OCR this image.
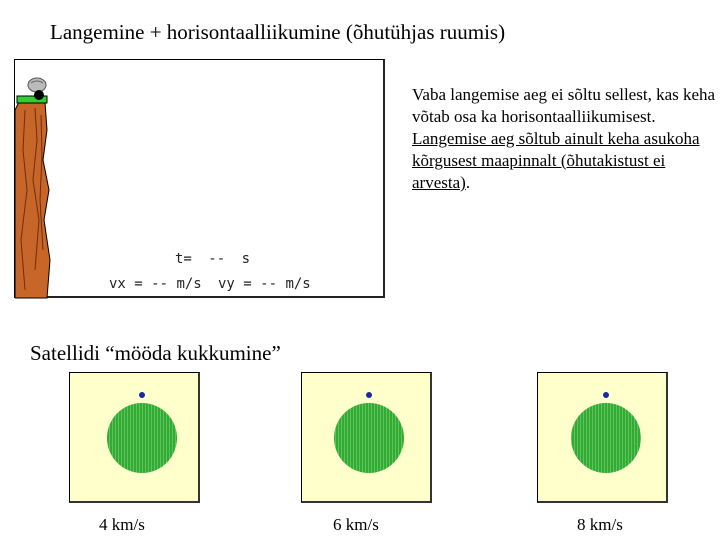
Langemine + horisontaalliikumine (õhutühjas ruumis)
t= -- s
vx = -- m/s vy = -- m/s
Vaba langemise aeg ei sõltu sellest, kas keha võtab osa ka horisontaalliikumisest.
Langemise aeg sõltub ainult keha asukoha kõrgusest maapinnalt (õhutakistust ei arvesta).
Satellidi “mööda kukkumine”
4 km/s	6 km/s	8 km/s
